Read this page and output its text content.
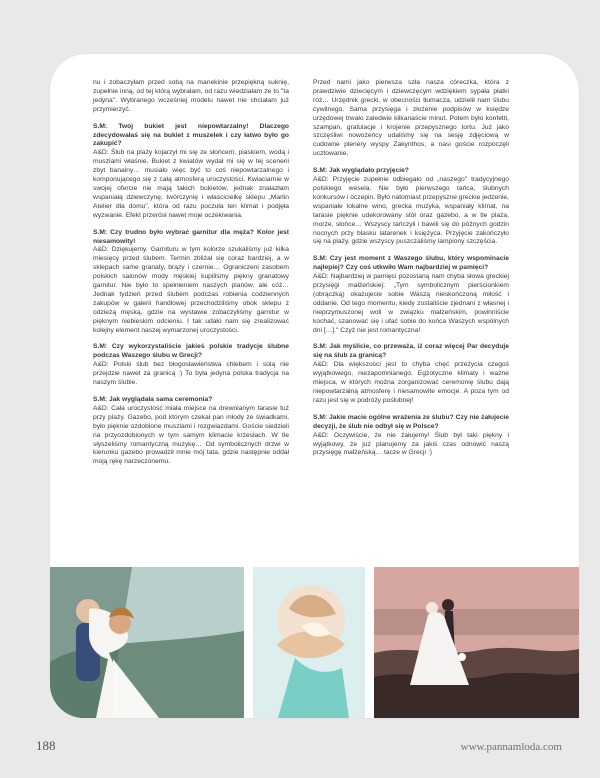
nu i zobaczyłam przed sobą na manekinie przepiękną suknię, zupełnie inną, od tej którą wybrałam, od razu wiedziałam że to "ta jedyna". Wybranego wcześniej modelu nawet nie chciałam już przymierzyć.

S.M: Twój bukiet jest niepowtarzalny! Dlaczego zdecydowałaś się na bukiet z muszelek i czy łatwo było go zakupić?

A&D: Ślub na plaży kojarzył mi się ze słońcem, piaskiem, wodą i muszlami właśnie. Bukiet z kwiatów wydał mi się w tej scenerii zbyt banalny… musiało więc być to coś niepowtarzalnego i komponującego się z całą atmosferą uroczystości. Kwiaciarnie w swojej ofercie nie mają takich bukietów, jednak znalazłam wspaniałą dziewczynę, twórczynię i właścicielkę sklepu „Marlin Atelier dla domu", która od razu poczuła ten klimat i podjęła wyzwanie. Efekt przerósł nawet moje oczekiwania.

S.M: Czy trudno było wybrać garnitur dla męża? Kolor jest niesamowity!

A&D: Dziękujemy. Garnituru w tym kolorze szukaliśmy już kilka miesięcy przed ślubem. Termin zbliżał się coraz bardziej, a w sklepach same granaty, brązy i czernie… Ograniczeni zasobem polskich salonów mody męskiej kupiliśmy piękny granatowy garnitur. Nie było to spełnieniem naszych planów, ale cóż… Jednak tydzień przed ślubem podczas robienia codziennych zakupów w galerii handlowej przechodziliśmy obok sklepu z odzieżą męską, gdzie na wystawie zobaczyliśmy garnitur w pięknym niebieskim odcieniu. I tak udało nam się zrealizować kolejny element naszej wymarzonej uroczystości.

S.M: Czy wykorzystaliście jakieś polskie tradycje ślubne podczas Waszego ślubu w Grecji?

A&D: Polski ślub bez błogosławieństwa chlebem i solą nie przejdzie nawet za granicą :) To była jedyna polska tradycja na naszym ślubie.

S.M: Jak wyglądała sama ceremonia?

A&D: Cała uroczystość miała miejsce na drewnianym tarasie tuż przy plaży. Gazebo, pod którym czekał pan młody ze świadkami, było pięknie ozdobione muszlami i rozgwiazdami. Goście siedzieli na przyozdobionych w tym samym klimacie krzesłach. W tle słyszeliśmy romantyczną muzykę… Od symbolicznych drzwi w kierunku gazebo prowadził mnie mój tata, gdzie następnie oddał moją rękę narzeczonemu.

Przed nami jako pierwsza szła nasza córeczka, która z prawdziwie dziecięcym i dziewczęcym wdziękiem sypała płatki róż… Urzędnik grecki, w obecności tłumacza, udzielił nam ślubu cywilnego. Sama przysięga i złożenie podpisów w księdze urzędowej trwało zaledwie kilkanaście minut. Potem było konfetti, szampan, gratulacje i krojenie przepysznego tortu. Już jako szczęśliwi nowożeńcy udaliśmy się na sesję zdjęciową w cudowne plenery wyspy Zakynthos, a nasi goście rozpoczęli ucztowanie.

S.M: Jak wyglądało przyjęcie?

A&D: Przyjęcie zupełnie odbiegało od „naszego" tradycyjnego polskiego wesela. Nie było pierwszego tańca, ślubnych konkursów i oczepin. Było natomiast przepyszne greckie jedzenie, wspaniałe lokalne wino, grecka muzyka, wspaniały klimat, na tarasie pięknie udekorowany stół oraz gazebo, a w tle plaża, morze, słońce… Wszyscy tańczyli i bawili się do późnych godzin nocnych przy blasku latarenek i księżyca. Przyjęcie zakończyło się na plaży, gdzie wszyscy puszczaliśmy lampiony szczęścia.

S.M: Czy jest moment z Waszego ślubu, który wspominacie najlepiej? Czy coś utkwiło Wam najbardziej w pamięci?

A&D: Najbardziej w pamięci pozostaną nam chyba słowa greckiej przysięgi małżeńskiej: „Tym symbolicznym pierścionkiem (obrączką) okazujecie sobie Waszą nieskończoną miłość i oddanie. Od tego momentu, kiedy zostaliście zjednani z własnej i nieprzymuszonej woli w związku małżeńskim, powinniście kochać, szanować się i ufać sobie do końca Waszych wspólnych dni […]." Czyż nie jest romantyczna!

S.M: Jak myślicie, co przeważa, iż coraz więcej Par decyduje się na ślub za granicą?

A&D: Dla większości jest to chyba chęć przeżycia czegoś wyjątkowego, niezapomnianego. Egzotyczne klimaty i ważne miejsca, w których można zorganizować ceremonię ślubu dają niepowtarzalną atmosferę i niesamowite emocje. A poza tym od razu jest się w podróży poślubnej!

S.M: Jakie macie ogólne wrażenia ze ślubu? Czy nie żałujecie decyzji, że ślub nie odbył się w Polsce?

A&D: Oczywiście, że nie żałujemy! Ślub był taki piękny i wyjątkowy, że już planujemy za jakiś czas odnowić naszą przysięgę małżeńską… tacze w Grecji :)

188	www.pannamloda.com
